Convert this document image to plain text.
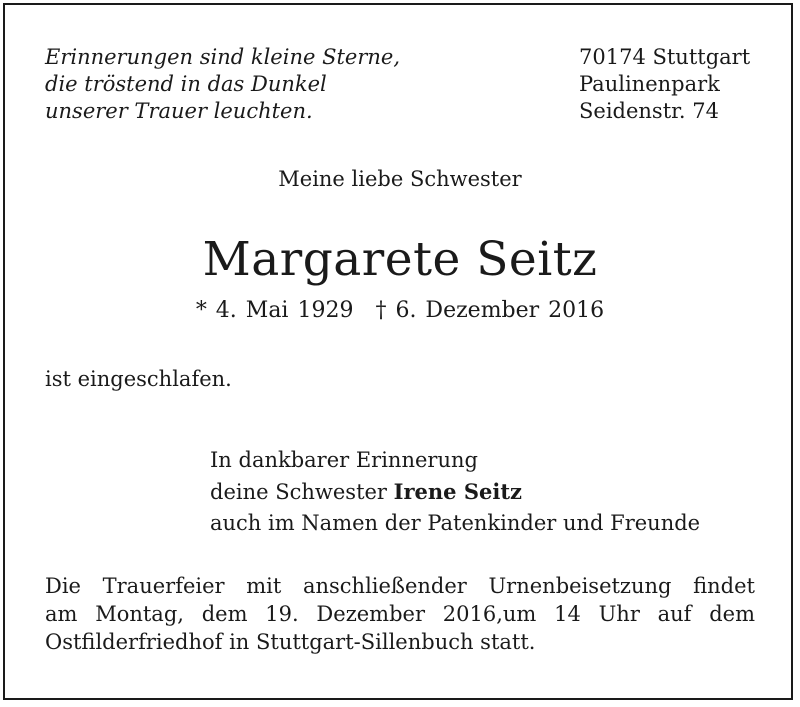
Erinnerungen sind kleine Sterne,
die tröstend in das Dunkel
unserer Trauer leuchten.
70174 Stuttgart
Paulinenpark
Seidenstr. 74
Meine liebe Schwester
Margarete Seitz
* 4. Mai 1929 † 6. Dezember 2016
ist eingeschlafen.
In dankbarer Erinnerung
deine Schwester Irene Seitz
auch im Namen der Patenkinder und Freunde
Die Trauerfeier mit anschließender Urnenbeisetzung findet
am Montag, dem 19. Dezember 2016,um 14 Uhr auf dem
Ostfilderfriedhof in Stuttgart-Sillenbuch statt.
